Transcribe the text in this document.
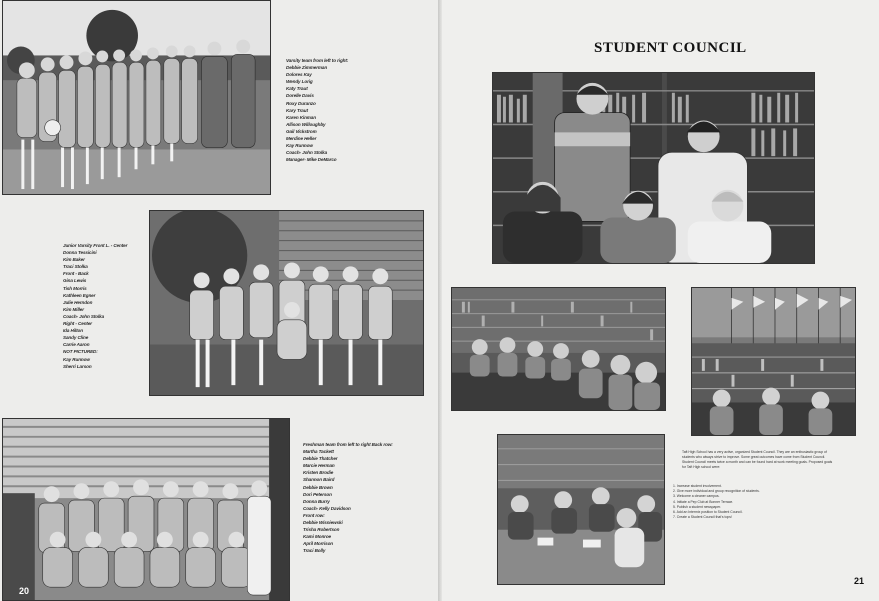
Varsity team from left to right:
Debbie Zimmerman
Dolores Kay
Wendy Lorig
Katy Traut
Dorelle Davis
Roxy Duranzo
Kary Traut
Karen Kinman
Allison Willoughby
Gail Vickstrom
Merdine Heller
Kay Runnow
Coach- John Stolka
Manager- Mike DeMarco
Junior Varsity Front L. - Center
Donna Tessicini
Kim Baker
Traci Stolka
Front - Back
Gina Lewis
Tish Morris
Kathleen Egner
Julie Herndon
Kim Miller
Coach- John Stolka
Right - Center
Ida Hilton
Sandy Cline
Carrie Aaron
NOT PICTURED:
Kay Runnow
Sherri Larson
Freshman team from left to right Back row:
Martha Tackett
Debbie Thatcher
Marcie Herman
Kristen Brodie
Shannon Baird
Debbie Brown
Dori Peterson
Donna Burry
Coach- Kelly Davidson
Front row:
Debbie Wisniewski
Trisha Robertson
Kami Monroe
April Morrison
Traci Bolly
20
STUDENT COUNCIL
Taft High School has a very active, organized Student Council. They are an enthusiastic group of students who always strive to improve. Some great outcomes have come from Student Council. Student Council meets twice a month and can be found hard at work meeting goals. Proposed goals for Taft High school were:
1. Increase student involvement.
2. Give more individual and group recognition of students.
3. Welcome a cleaner campus.
4. Initiate a Pep Club at Bonner Terrace.
5. Publish a student newspaper.
6. Add an Intermix position to Student Council.
7. Create a Student Council that's tops!
21
